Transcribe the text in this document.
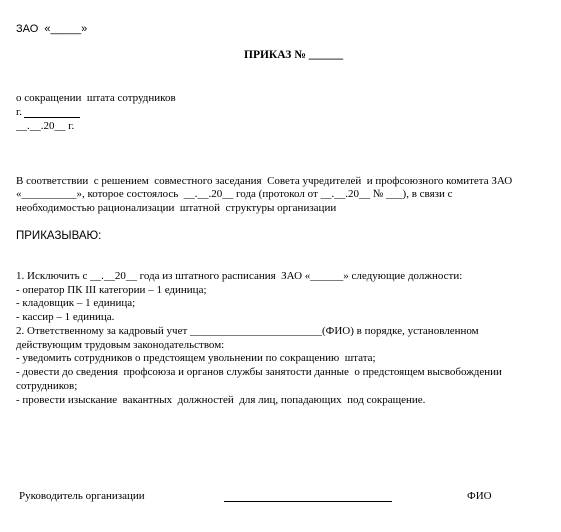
ЗАО  «_____»

ПРИКАЗ № ______

о сокращении  штата сотрудников

г.

__.__.20__ г.

В соответствии  с решением  совместного заседания  Совета учредителей  и профсоюзного комитета ЗАО

«__________», которое состоялось  __.__.20__ года (протокол от __.__.20__ № ___), в связи с

необходимостью рационализации  штатной  структуры организации

ПРИКАЗЫВАЮ:

1. Исключить с __.__20__ года из штатного расписания  ЗАО «______» следующие должности:

- оператор ПК III категории – 1 единица;

- кладовщик – 1 единица;

- кассир – 1 единица.

2. Ответственному за кадровый учет ________________________(ФИО) в порядке, установленном

действующим трудовым законодательством:

- уведомить сотрудников о предстоящем увольнении по сокращению  штата;

- довести до сведения  профсоюза и органов службы занятости данные  о предстоящем высвобождении

сотрудников;

- провести изыскание  вакантных  должностей  для лиц, попадающих  под сокращение.

Руководитель организации	ФИО
